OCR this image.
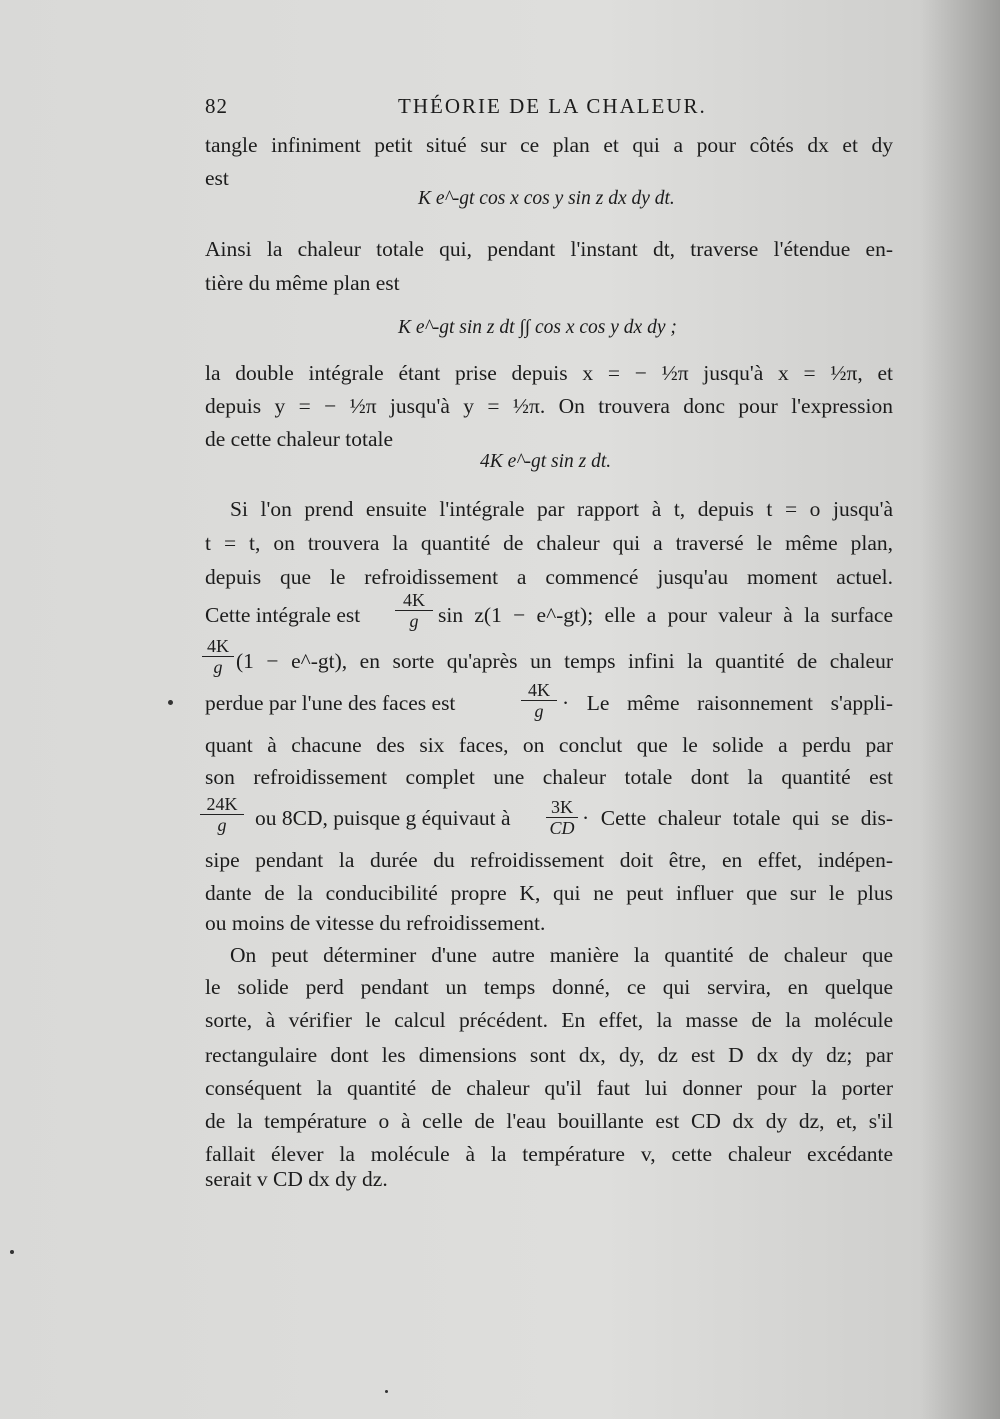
82	THÉORIE DE LA CHALEUR.
tangle infiniment petit situé sur ce plan et qui a pour côtés dx et dy
est
K e^-gt cos x cos y sin z dx dy dt.
Ainsi la chaleur totale qui, pendant l'instant dt, traverse l'étendue en-
tière du même plan est
K e^-gt sin z dt ∫∫ cos x cos y dx dy ;
la double intégrale étant prise depuis x = − ½π jusqu'à x = ½π, et
depuis y = − ½π jusqu'à y = ½π. On trouvera donc pour l'expression
de cette chaleur totale
4K e^-gt sin z dt.
Si l'on prend ensuite l'intégrale par rapport à t, depuis t = o jusqu'à
t = t, on trouvera la quantité de chaleur qui a traversé le même plan,
depuis que le refroidissement a commencé jusqu'au moment actuel.
Cette intégrale est
4K
g sin z(1 − e^-gt); elle a pour valeur à la surface
4K
g (1 − e^-gt), en sorte qu'après un temps infini la quantité de chaleur
perdue par l'une des faces est
4K
g · Le même raisonnement s'appli-
quant à chacune des six faces, on conclut que le solide a perdu par
son refroidissement complet une chaleur totale dont la quantité est
24K
g	ou 8CD, puisque g équivaut à	3K
CD · Cette chaleur totale qui se dis-
sipe pendant la durée du refroidissement doit être, en effet, indépen-
dante de la conducibilité propre K, qui ne peut influer que sur le plus
ou moins de vitesse du refroidissement.
On peut déterminer d'une autre manière la quantité de chaleur que
le solide perd pendant un temps donné, ce qui servira, en quelque
sorte, à vérifier le calcul précédent. En effet, la masse de la molécule
rectangulaire dont les dimensions sont dx, dy, dz est D dx dy dz; par
conséquent la quantité de chaleur qu'il faut lui donner pour la porter
de la température o à celle de l'eau bouillante est CD dx dy dz, et, s'il
fallait élever la molécule à la température v, cette chaleur excédante
serait v CD dx dy dz.
